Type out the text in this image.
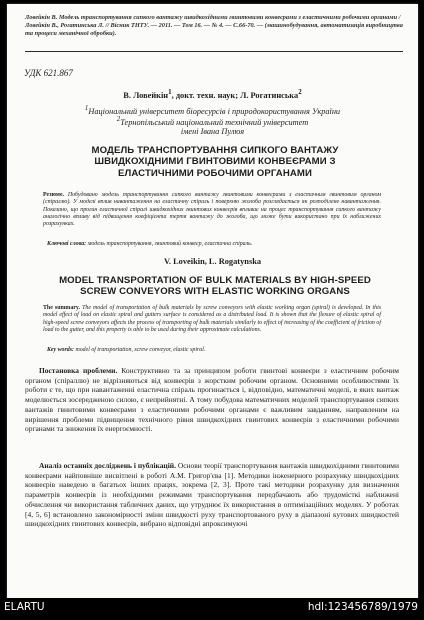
Ловейкін В. Модель транспортування сипкого вантажу швидкохідними гвинтовими конвеєрами з еластичними робочими органами / Ловейкін В., Рогатинська Л. // Вісник ТНТУ. — 2011. — Том 16. — № 4. — С.66-70. — (машинобудування, автоматизація виробництва та процеси механічної обробки).
УДК 621.867
В. Ловейкін$^1$, докт. техн. наук; Л. Рогатинська$^2$
$^1$Національний університет біоресурсів і природокористування України
$^2$Тернопільський національний технічний університет
імені Івана Пулюя
МОДЕЛЬ ТРАНСПОРТУВАННЯ СИПКОГО ВАНТАЖУ ШВИДКОХІДНИМИ ГВИНТОВИМИ КОНВЕЄРАМИ З ЕЛАСТИЧНИМИ РОБОЧИМИ ОРГАНАМИ
Резюме. Побудовано модель транспортування сипкого вантажу гвинтовими конвеєрами з еластичним гвинтовим органом (спіраллю). У моделі вплив навантаження на еластичну спіраль і поверхню жолоба розглядається як розподілене навантаження. Показано, що прогин еластичної спіралі швидкохідних гвинтових конвеєрів впливає на процес транспортування сипкого вантажу аналогічно впливу від підвищення коефіцієнта тертя вантажу до жолоба, що може бути використано при їх наближених розрахунках.
Ключові слова: модель транспортування, гвинтовий конвеєр, еластична спіраль.
V. Loveikin, L. Rogatynska
MODEL TRANSPORTATION OF BULK MATERIALS BY HIGH-SPEED SCREW CONVEYORS WITH ELASTIC WORKING ORGANS
The summary. The model of transportation of bulk materials by screw conveyors with elastic working organ (spiral) is developed. In this model effect of load on elastic spiral and gutters surface is considered as a distributed load. It is shown that the flexure of elastic spiral of high-speed screw conveyors affects the process of transporting of bulk materials similarly to effect of increasing of the coefficient of friction of load to the gutter, and this property is able to be used during their approximate calculations.
Key words: model of transportation, screw conveyor, elastic spiral.
Постановка проблеми. Конструктивно та за принципом роботи гвинтові конвеєри з еластичним робочим органом (спіраллю) не відрізняються від конвеєрів з жорстким робочим органом. Основними особливостями їх роботи є те, що при навантаженні еластична спіраль прогинається і, відповідно, математичні моделі, в яких вантаж моделюється зосередженою силою, є неприйнятні. А тому побудова математичних моделей транспортування сипких вантажів гвинтовими конвеєрами з еластичними робочими органами є важливим завданням, направленим на вирішення проблеми підвищення технічного рівня швидкохідних гвинтових конвеєрів з еластичними робочими органами та зниження їх енергоємності.
Аналіз останніх досліджень і публікацій. Основи теорії транспортування вантажів швидкохідними гвинтовими конвеєрами найповніше висвітлені в роботі А.М. Григор'єва [1]. Методики інженерного розрахунку швидкохідних конвеєрів наведено в багатьох інших працях, зокрема [2, 3]. Проте такі методики розрахунку для визначення параметрів конвеєрів із необхідними режимами транспортування передбачають або трудомісткі наближені обчислення чи використання табличних даних, що утруднює їх використання в оптимізаційних моделях. У роботах [4, 5, 6] встановлено закономірності зміни швидкості руху транспортованого руху в діапазоні кутових швидкостей швидкохідних гвинтових конвеєрів, вибрано відповідні апроксимуючі
ELARTU	hdl:123456789/1979
